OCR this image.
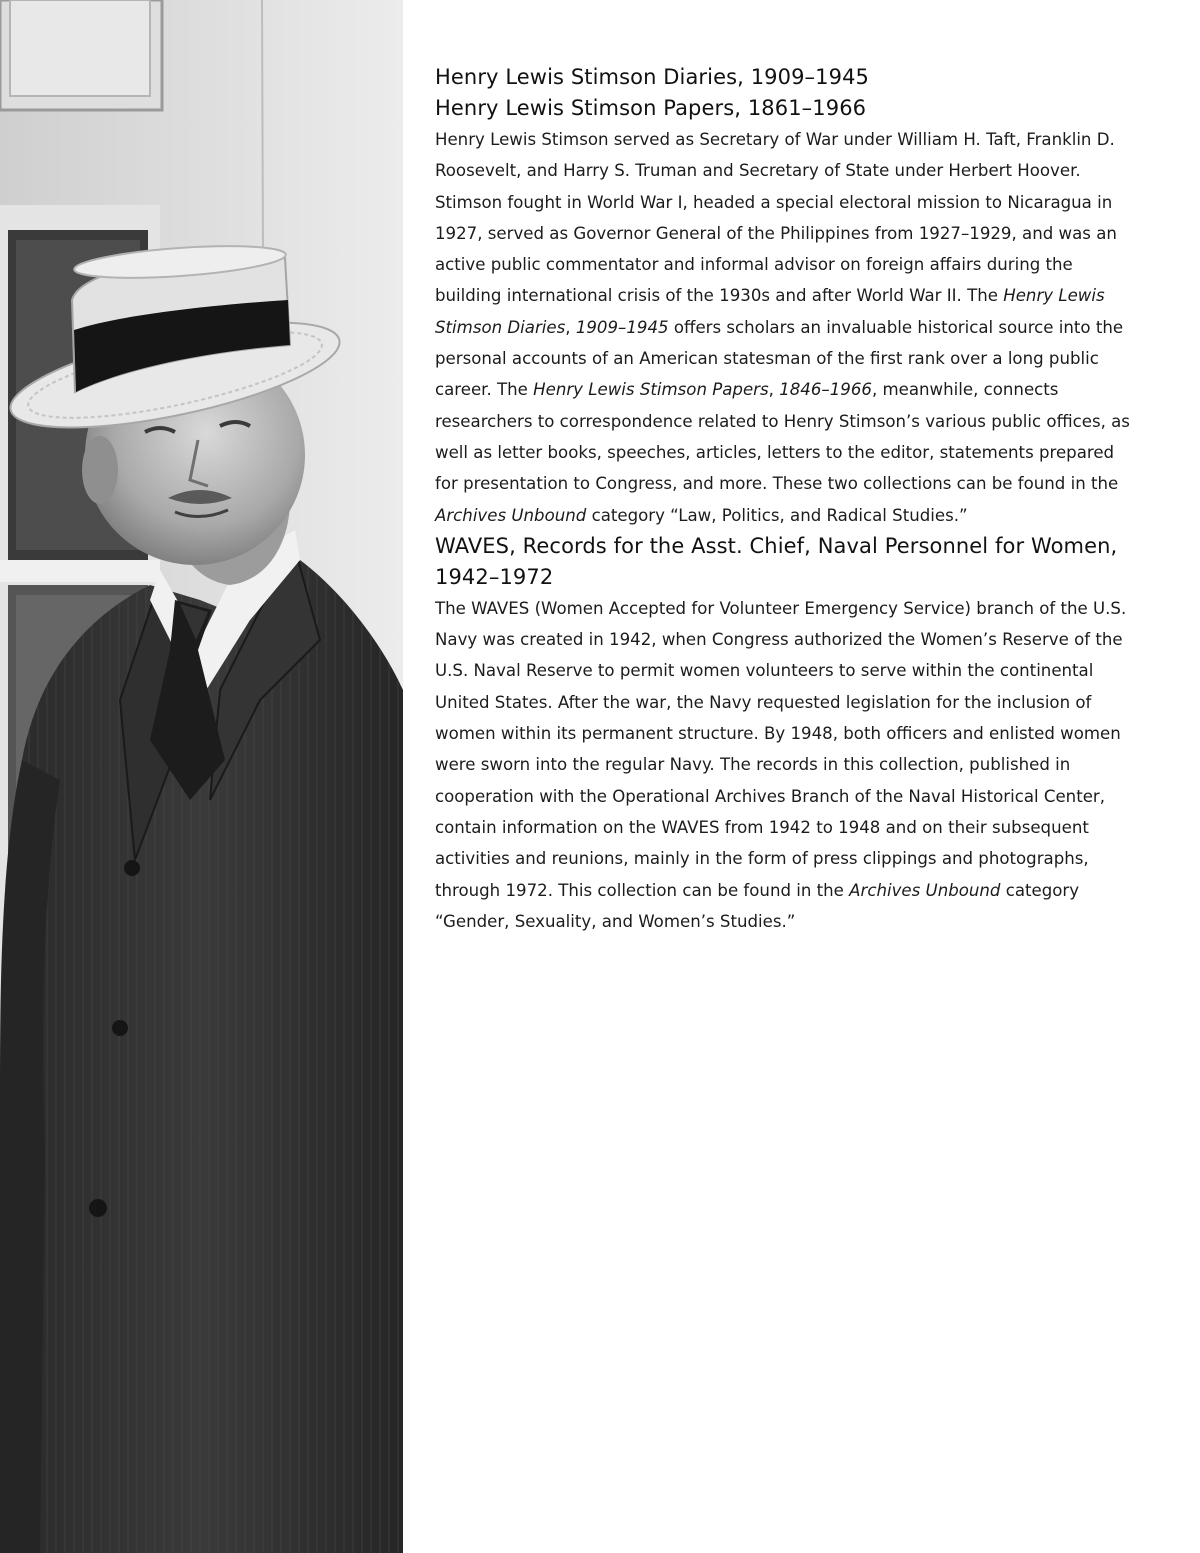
Henry Lewis Stimson Diaries, 1909–1945
Henry Lewis Stimson Papers, 1861–1966

Henry Lewis Stimson served as Secretary of War under William H. Taft, Franklin D. Roosevelt, and Harry S. Truman and Secretary of State under Herbert Hoover. Stimson fought in World War I, headed a special electoral mission to Nicaragua in 1927, served as Governor General of the Philippines from 1927–1929, and was an active public commentator and informal advisor on foreign affairs during the building international crisis of the 1930s and after World War II. The Henry Lewis Stimson Diaries, 1909–1945 offers scholars an invaluable historical source into the personal accounts of an American statesman of the first rank over a long public career. The Henry Lewis Stimson Papers, 1846–1966, meanwhile, connects researchers to correspondence related to Henry Stimson’s various public offices, as well as letter books, speeches, articles, letters to the editor, statements prepared for presentation to Congress, and more. These two collections can be found in the Archives Unbound category “Law, Politics, and Radical Studies.”

WAVES, Records for the Asst. Chief, Naval Personnel for Women, 1942–1972

The WAVES (Women Accepted for Volunteer Emergency Service) branch of the U.S. Navy was created in 1942, when Congress authorized the Women’s Reserve of the U.S. Naval Reserve to permit women volunteers to serve within the continental United States. After the war, the Navy requested legislation for the inclusion of women within its permanent structure. By 1948, both officers and enlisted women were sworn into the regular Navy. The records in this collection, published in cooperation with the Operational Archives Branch of the Naval Historical Center, contain information on the WAVES from 1942 to 1948 and on their subsequent activities and reunions, mainly in the form of press clippings and photographs, through 1972. This collection can be found in the Archives Unbound category “Gender, Sexuality, and Women’s Studies.”
